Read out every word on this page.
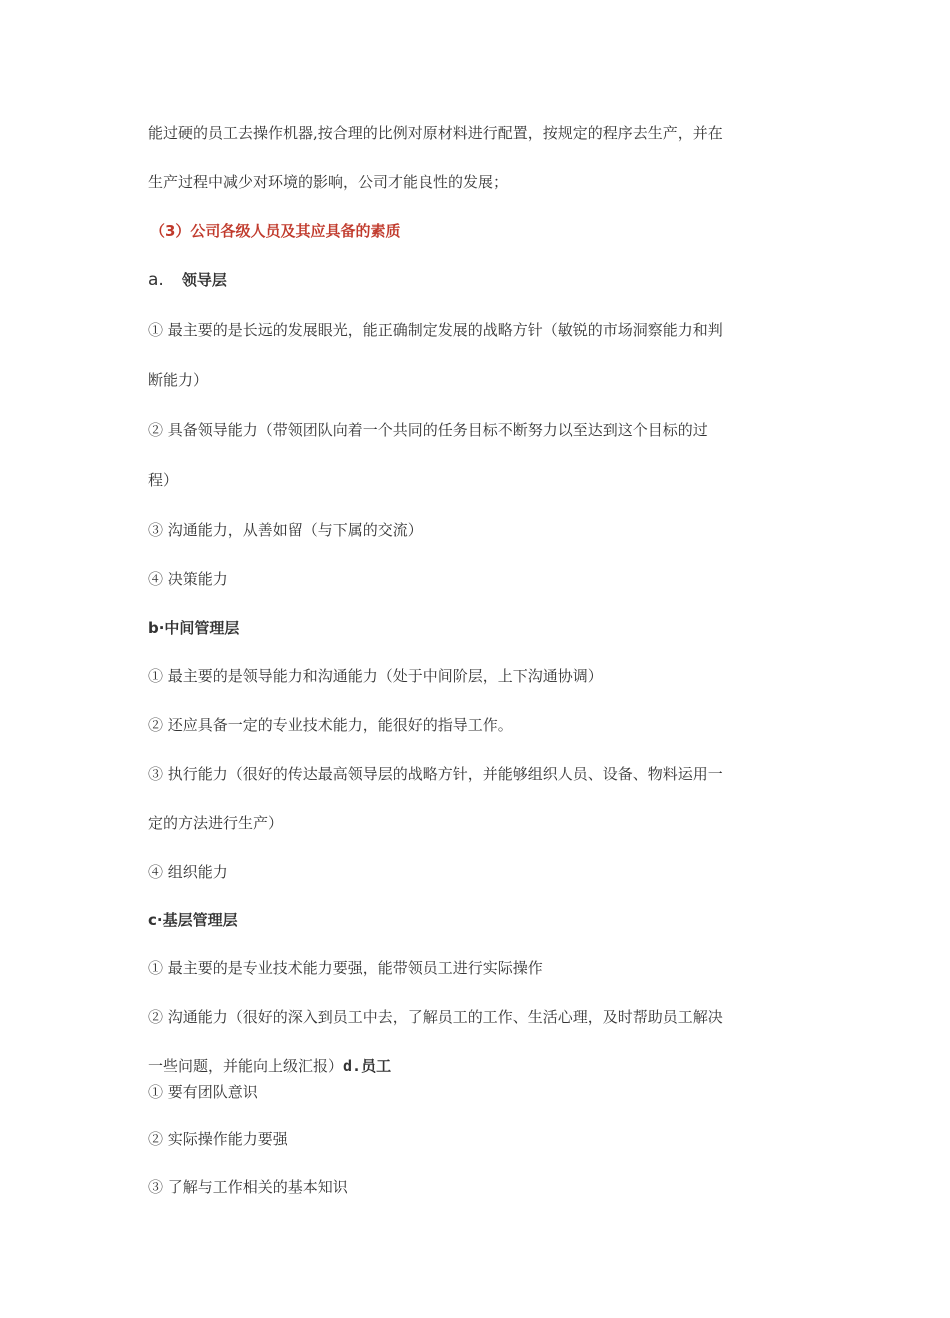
能过硬的员工去操作机器,按合理的比例对原材料进行配置，按规定的程序去生产，并在
生产过程中减少对环境的影响，公司才能良性的发展；
（3）公司各级人员及其应具备的素质
a. 领导层
① 最主要的是长远的发展眼光，能正确制定发展的战略方针（敏锐的市场洞察能力和判
断能力）
② 具备领导能力（带领团队向着一个共同的任务目标不断努力以至达到这个目标的过
程）
③ 沟通能力，从善如留（与下属的交流）
④ 决策能力
b·中间管理层
① 最主要的是领导能力和沟通能力（处于中间阶层，上下沟通协调）
② 还应具备一定的专业技术能力，能很好的指导工作。
③ 执行能力（很好的传达最高领导层的战略方针，并能够组织人员、设备、物料运用一
定的方法进行生产）
④ 组织能力
c·基层管理层
① 最主要的是专业技术能力要强，能带领员工进行实际操作
② 沟通能力（很好的深入到员工中去，了解员工的工作、生活心理，及时帮助员工解决
一些问题，并能向上级汇报）d.员工
① 要有团队意识
② 实际操作能力要强
③ 了解与工作相关的基本知识
